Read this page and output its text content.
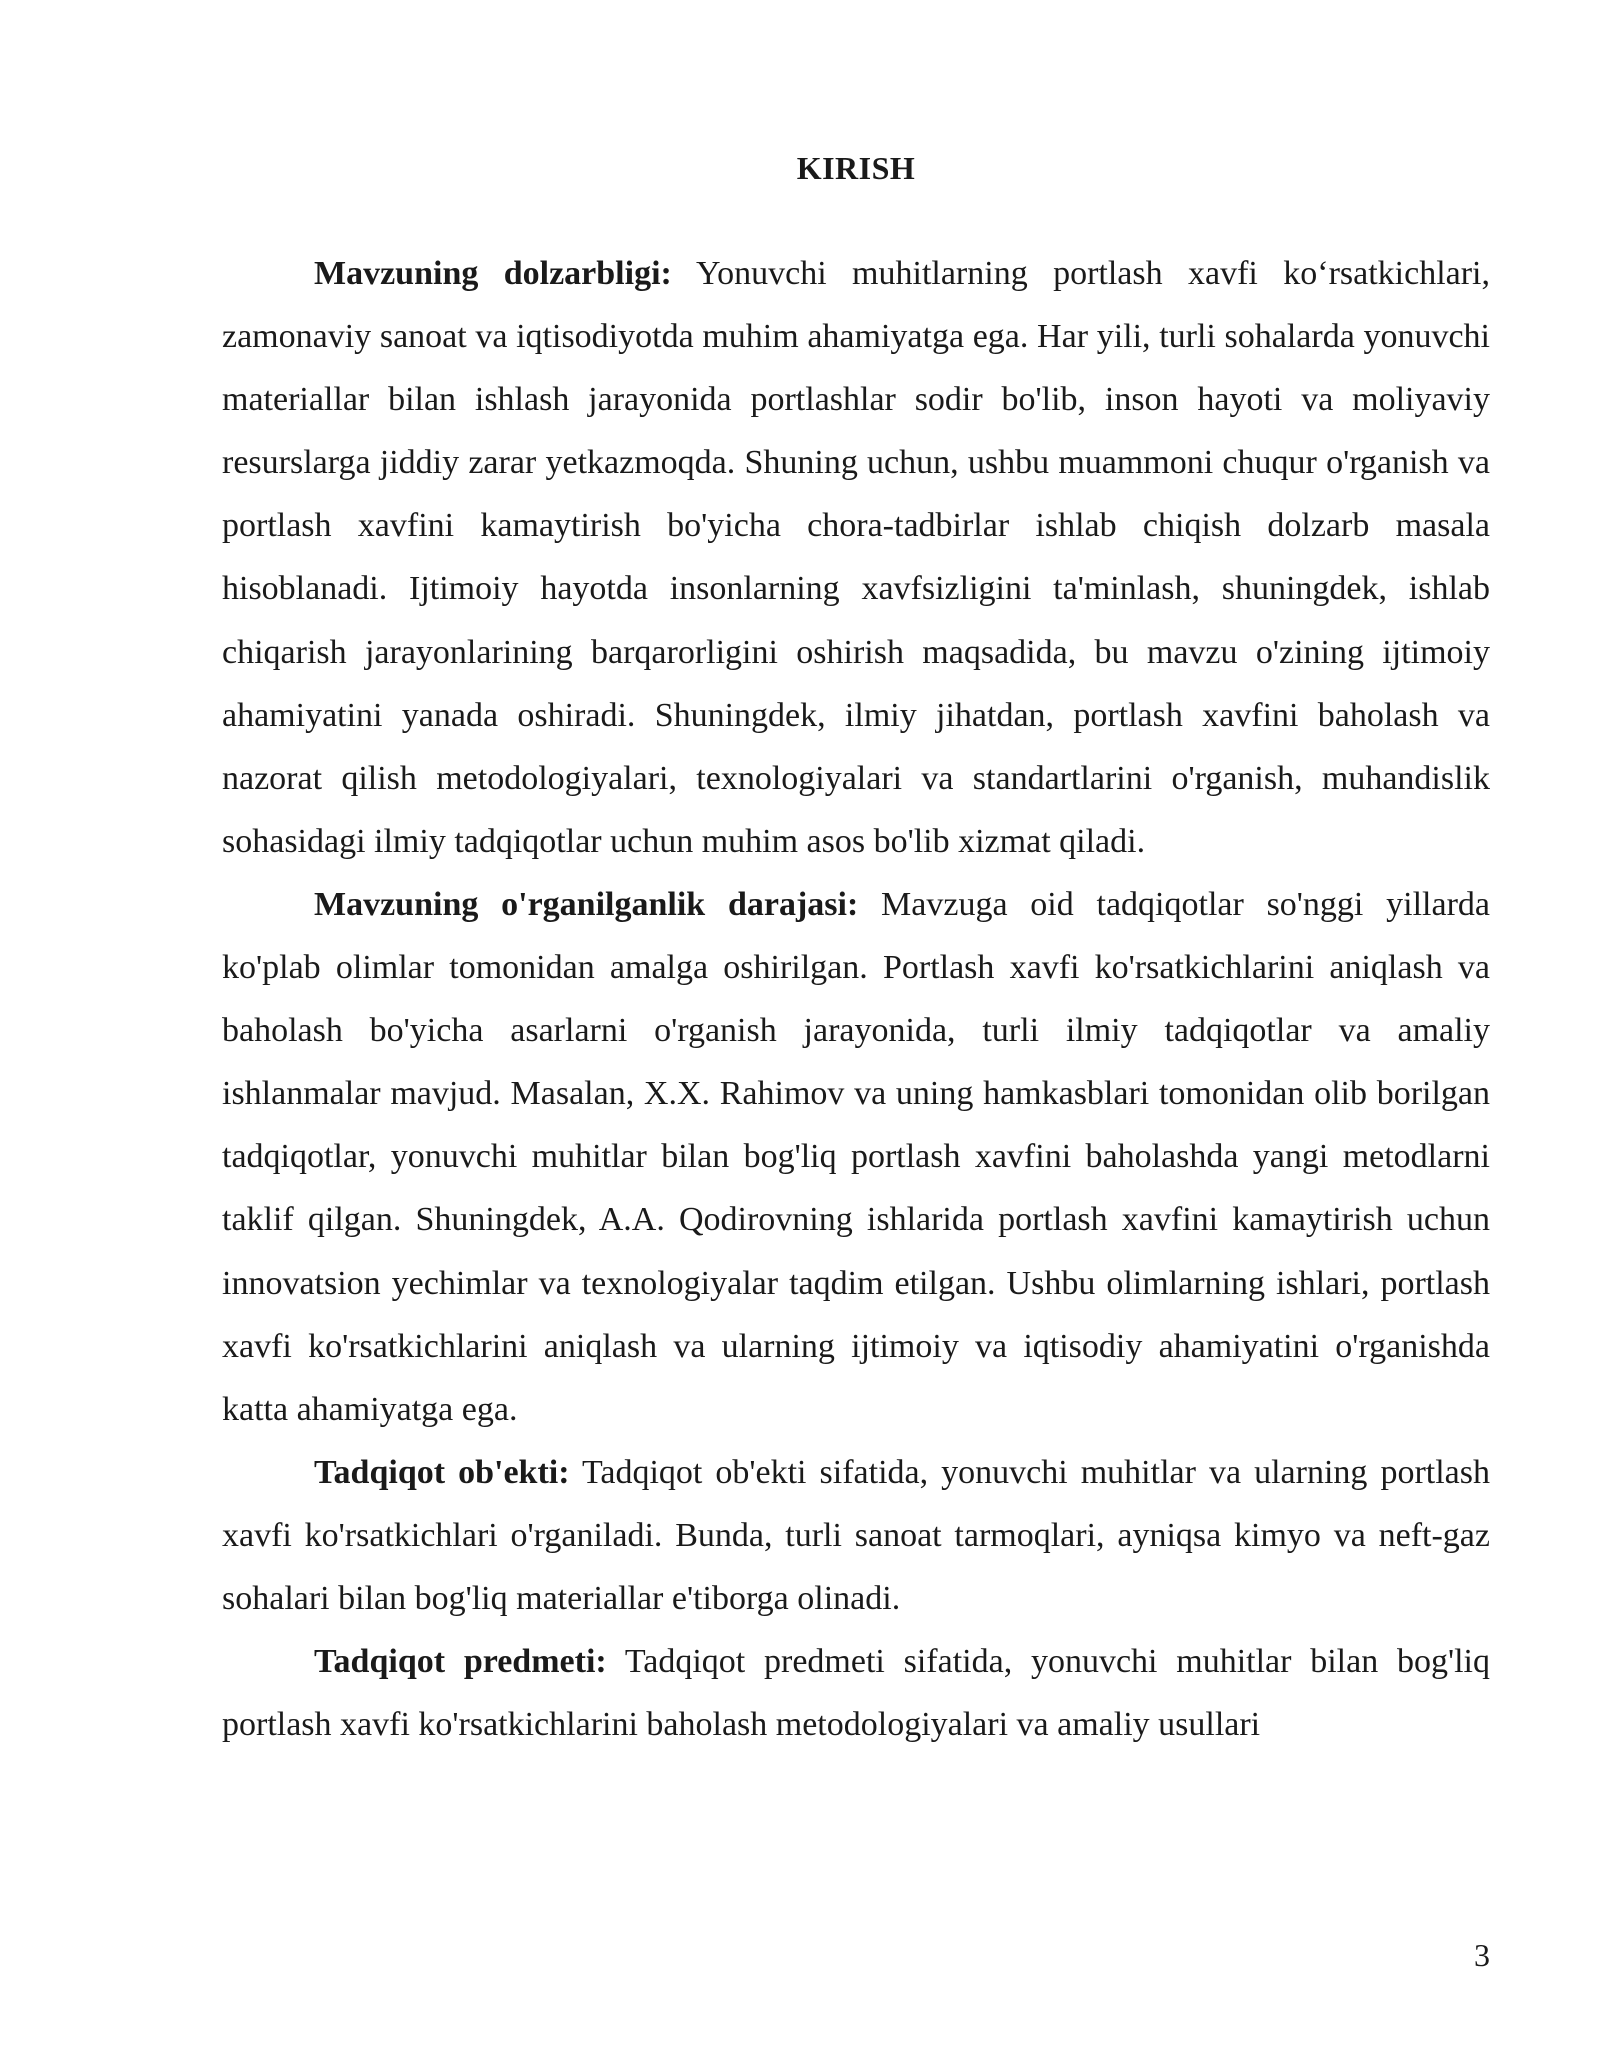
KIRISH

Mavzuning dolzarbligi: Yonuvchi muhitlarning portlash xavfi ko‘rsatkichlari, zamonaviy sanoat va iqtisodiyotda muhim ahamiyatga ega. Har yili, turli sohalarda yonuvchi materiallar bilan ishlash jarayonida portlashlar sodir bo'lib, inson hayoti va moliyaviy resurslarga jiddiy zarar yetkazmoqda. Shuning uchun, ushbu muammoni chuqur o'rganish va portlash xavfini kamaytirish bo'yicha chora-tadbirlar ishlab chiqish dolzarb masala hisoblanadi. Ijtimoiy hayotda insonlarning xavfsizligini ta'minlash, shuningdek, ishlab chiqarish jarayonlarining barqarorligini oshirish maqsadida, bu mavzu o'zining ijtimoiy ahamiyatini yanada oshiradi. Shuningdek, ilmiy jihatdan, portlash xavfini baholash va nazorat qilish metodologiyalari, texnologiyalari va standartlarini o'rganish, muhandislik sohasidagi ilmiy tadqiqotlar uchun muhim asos bo'lib xizmat qiladi.

Mavzuning o'rganilganlik darajasi: Mavzuga oid tadqiqotlar so'nggi yillarda ko'plab olimlar tomonidan amalga oshirilgan. Portlash xavfi ko'rsatkichlarini aniqlash va baholash bo'yicha asarlarni o'rganish jarayonida, turli ilmiy tadqiqotlar va amaliy ishlanmalar mavjud. Masalan, X.X. Rahimov va uning hamkasblari tomonidan olib borilgan tadqiqotlar, yonuvchi muhitlar bilan bog'liq portlash xavfini baholashda yangi metodlarni taklif qilgan. Shuningdek, A.A. Qodirovning ishlarida portlash xavfini kamaytirish uchun innovatsion yechimlar va texnologiyalar taqdim etilgan. Ushbu olimlarning ishlari, portlash xavfi ko'rsatkichlarini aniqlash va ularning ijtimoiy va iqtisodiy ahamiyatini o'rganishda katta ahamiyatga ega.

Tadqiqot ob'ekti: Tadqiqot ob'ekti sifatida, yonuvchi muhitlar va ularning portlash xavfi ko'rsatkichlari o'rganiladi. Bunda, turli sanoat tarmoqlari, ayniqsa kimyo va neft-gaz sohalari bilan bog'liq materiallar e'tiborga olinadi.

Tadqiqot predmeti: Tadqiqot predmeti sifatida, yonuvchi muhitlar bilan bog'liq portlash xavfi ko'rsatkichlarini baholash metodologiyalari va amaliy usullari

3
